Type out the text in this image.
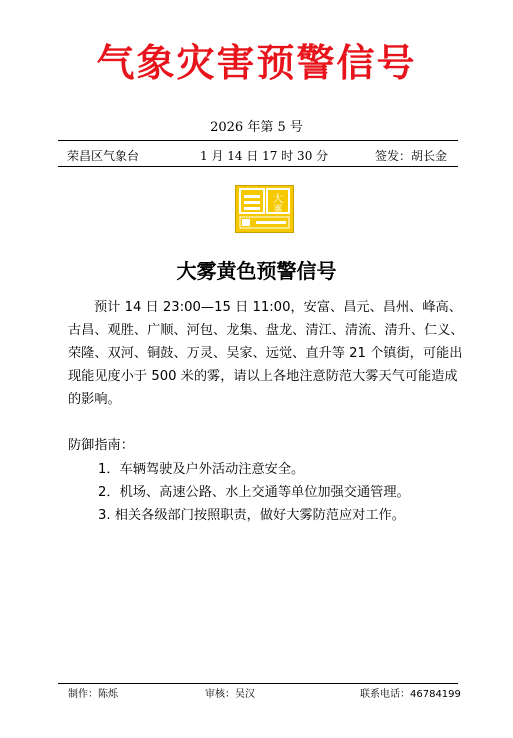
气象灾害预警信号
2026 年第 5 号
荣昌区气象台	1 月 14 日 17 时 30 分	签发：胡长金
大
雾
大雾黄色预警信号
预计 14 日 23:00—15 日 11:00，安富、昌元、昌州、峰高、古昌、观胜、广顺、河包、龙集、盘龙、清江、清流、清升、仁义、荣隆、双河、铜鼓、万灵、吴家、远觉、直升等 21 个镇街，可能出现能见度小于 500 米的雾，请以上各地注意防范大雾天气可能造成的影响。
防御指南：
1．车辆驾驶及户外活动注意安全。
2．机场、高速公路、水上交通等单位加强交通管理。
3. 相关各级部门按照职责，做好大雾防范应对工作。
制作：陈烁	审核：吴汉	联系电话：46784199
